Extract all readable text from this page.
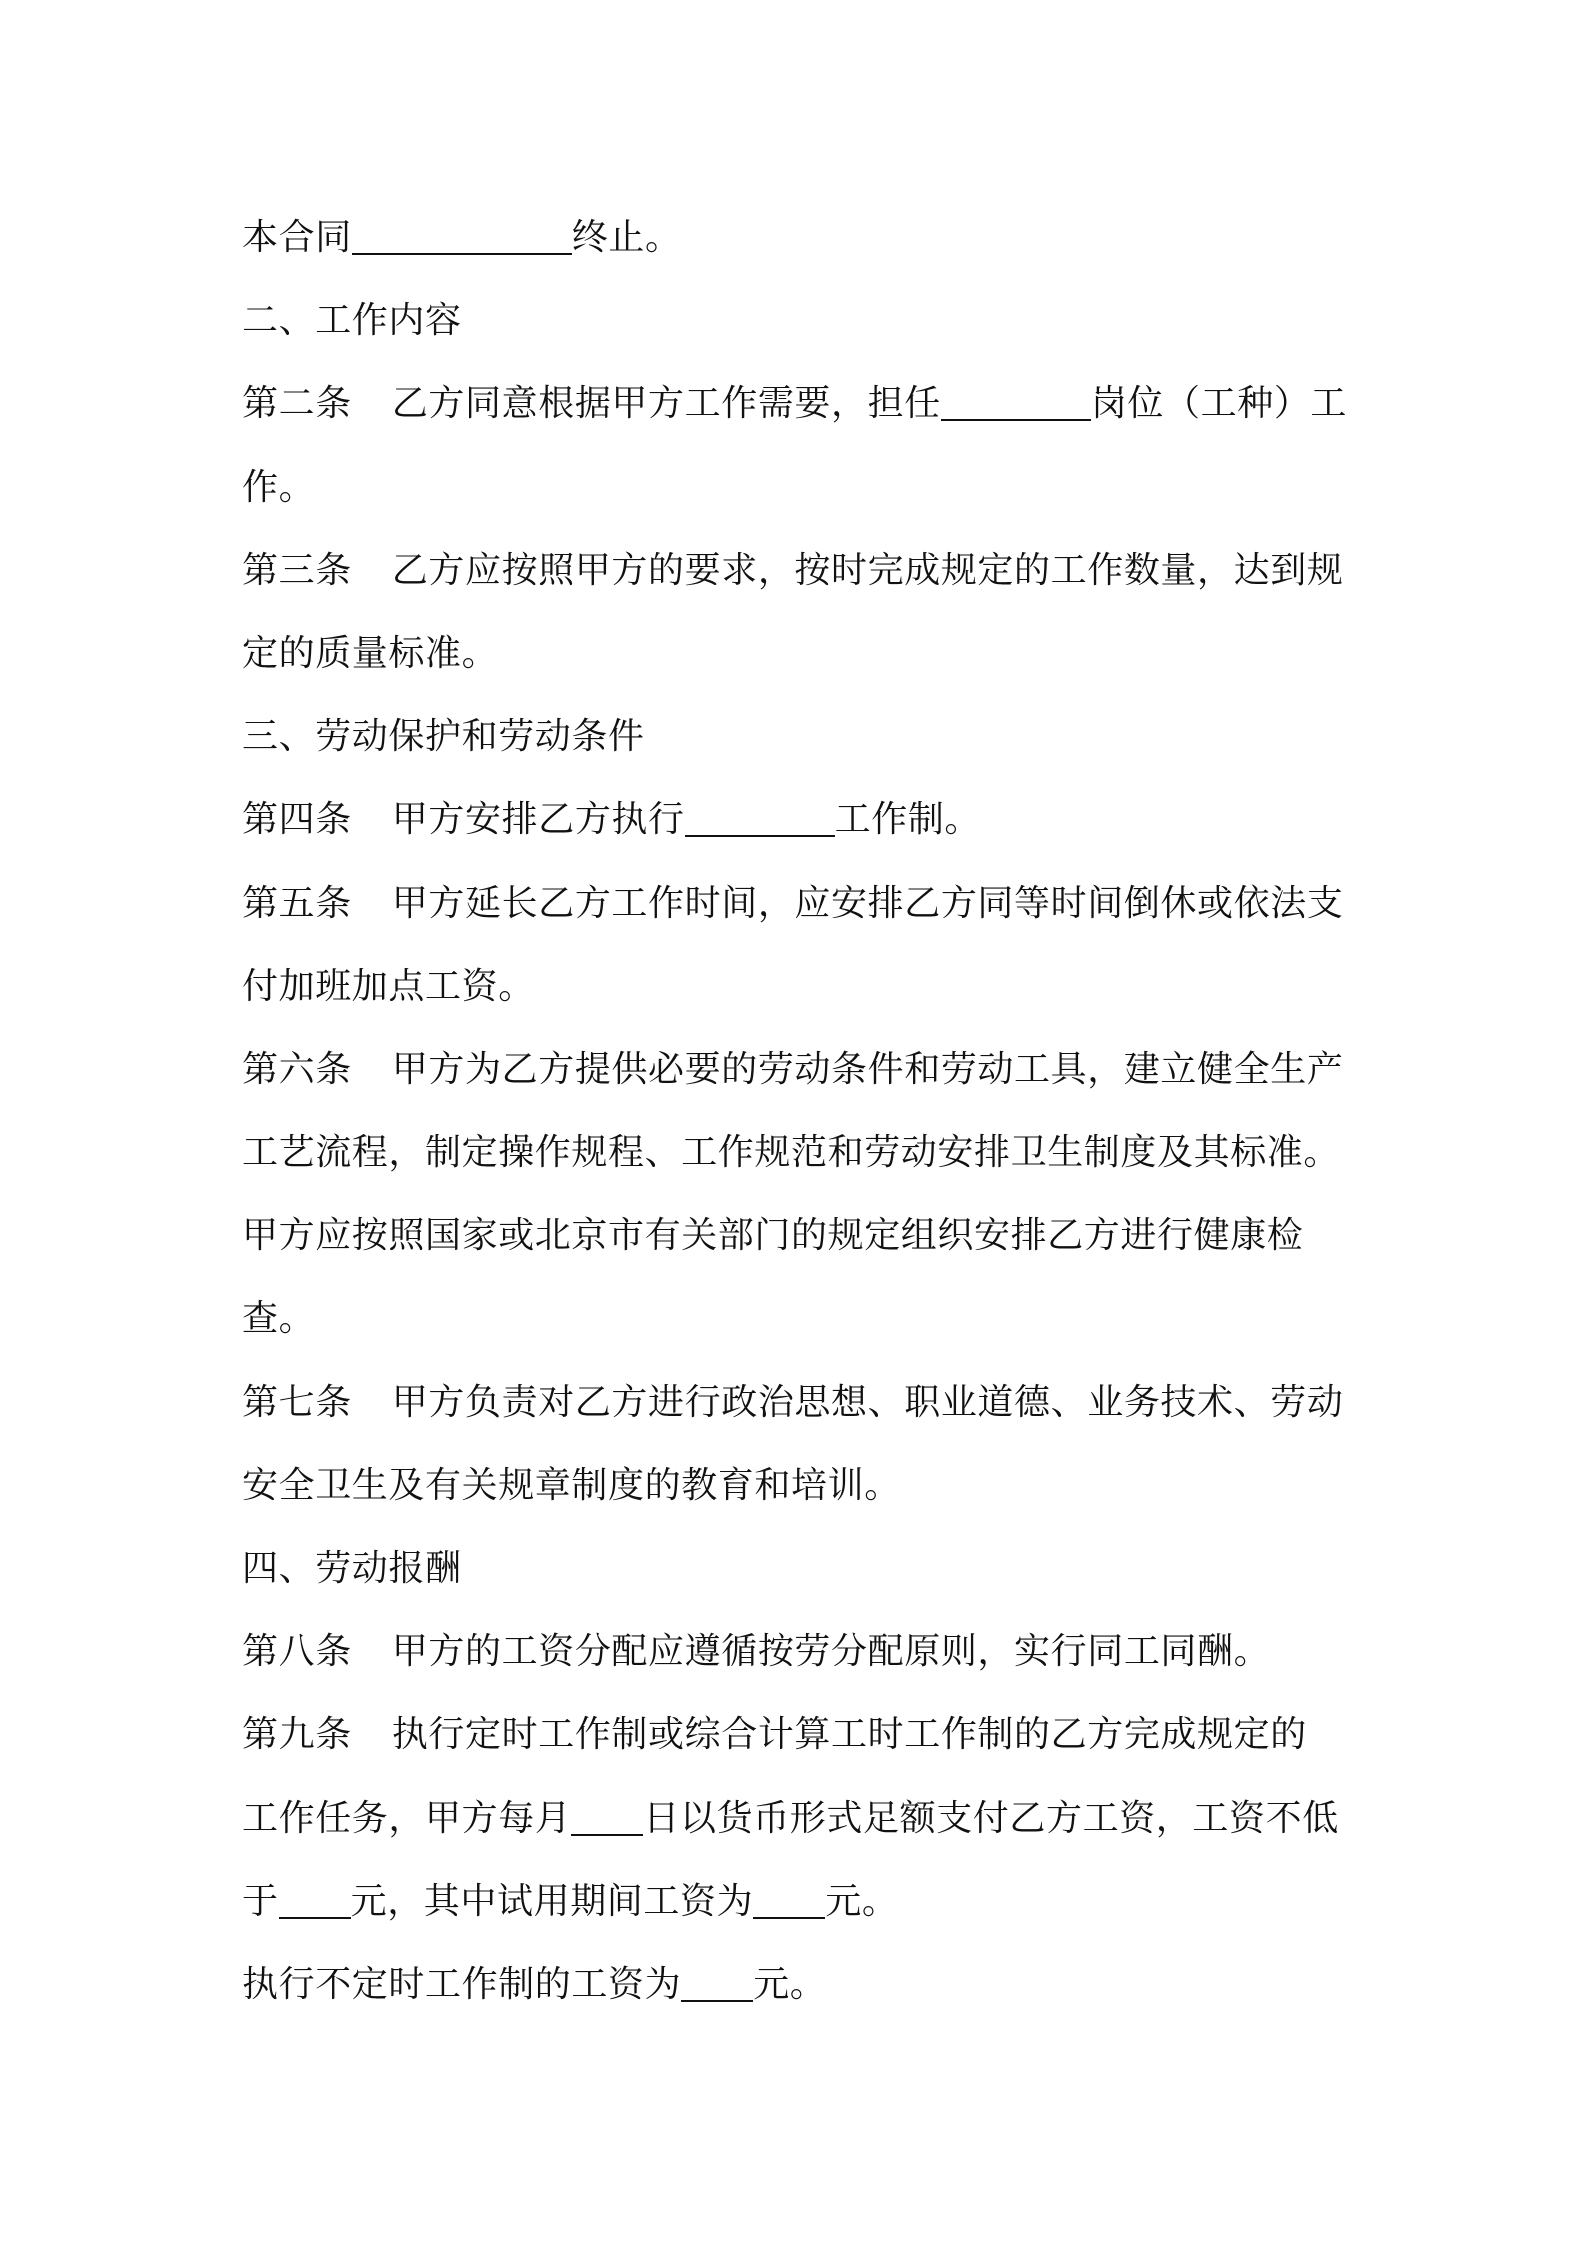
本合同	终止。
二、工作内容
第二条 乙方同意根据甲方工作需要，担任	岗位（工种）工
作。
第三条 乙方应按照甲方的要求，按时完成规定的工作数量，达到规
定的质量标准。
三、劳动保护和劳动条件
第四条 甲方安排乙方执行	工作制。
第五条 甲方延长乙方工作时间，应安排乙方同等时间倒休或依法支
付加班加点工资。
第六条 甲方为乙方提供必要的劳动条件和劳动工具，建立健全生产
工艺流程，制定操作规程、工作规范和劳动安排卫生制度及其标准。
甲方应按照国家或北京市有关部门的规定组织安排乙方进行健康检
查。
第七条 甲方负责对乙方进行政治思想、职业道德、业务技术、劳动
安全卫生及有关规章制度的教育和培训。
四、劳动报酬
第八条 甲方的工资分配应遵循按劳分配原则，实行同工同酬。
第九条 执行定时工作制或综合计算工时工作制的乙方完成规定的
工作任务，甲方每月 日以货币形式足额支付乙方工资，工资不低
于 元，其中试用期间工资为 元。
执行不定时工作制的工资为 元。
